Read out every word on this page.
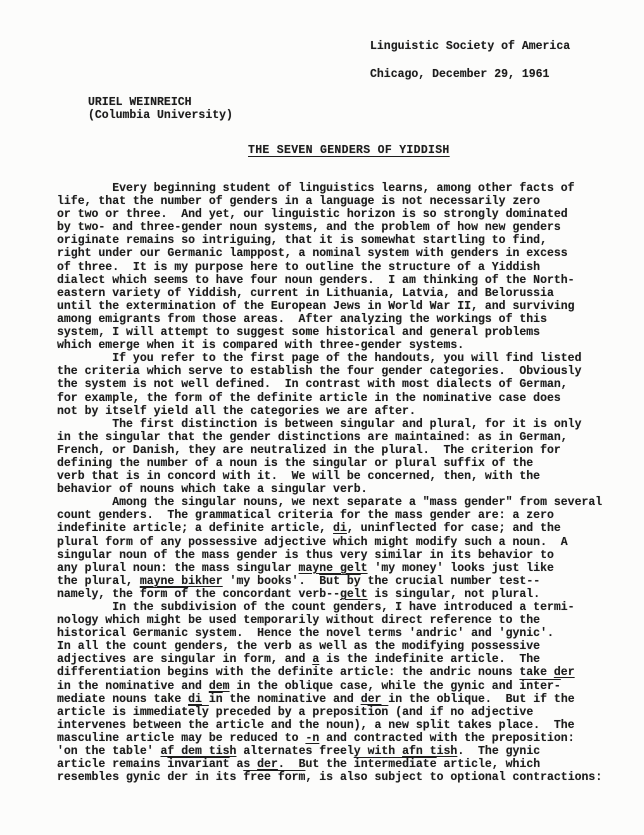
Linguistic Society of America
Chicago, December 29, 1961
URIEL WEINREICH
(Columbia University)
THE SEVEN GENDERS OF YIDDISH
Every beginning student of linguistics learns, among other facts of
life, that the number of genders in a language is not necessarily zero
or two or three.  And yet, our linguistic horizon is so strongly dominated
by two- and three-gender noun systems, and the problem of how new genders
originate remains so intriguing, that it is somewhat startling to find,
right under our Germanic lamppost, a nominal system with genders in excess
of three.  It is my purpose here to outline the structure of a Yiddish
dialect which seems to have four noun genders.  I am thinking of the North-
eastern variety of Yiddish, current in Lithuania, Latvia, and Belorussia
until the extermination of the European Jews in World War II, and surviving
among emigrants from those areas.  After analyzing the workings of this
system, I will attempt to suggest some historical and general problems
which emerge when it is compared with three-gender systems.
If you refer to the first page of the handouts, you will find listed
the criteria which serve to establish the four gender categories.  Obviously
the system is not well defined.  In contrast with most dialects of German,
for example, the form of the definite article in the nominative case does
not by itself yield all the categories we are after.
The first distinction is between singular and plural, for it is only
in the singular that the gender distinctions are maintained: as in German,
French, or Danish, they are neutralized in the plural.  The criterion for
defining the number of a noun is the singular or plural suffix of the
verb that is in concord with it.  We will be concerned, then, with the
behavior of nouns which take a singular verb.
Among the singular nouns, we next separate a "mass gender" from several
count genders.  The grammatical criteria for the mass gender are: a zero
indefinite article; a definite article, di, uninflected for case; and the
plural form of any possessive adjective which might modify such a noun.  A
singular noun of the mass gender is thus very similar in its behavior to
any plural noun: the mass singular mayne gelt 'my money' looks just like
the plural, mayne bikher 'my books'.  But by the crucial number test--
namely, the form of the concordant verb--gelt is singular, not plural.
In the subdivision of the count genders, I have introduced a termi-
nology which might be used temporarily without direct reference to the
historical Germanic system.  Hence the novel terms 'andric' and 'gynic'.
In all the count genders, the verb as well as the modifying possessive
adjectives are singular in form, and a is the indefinite article.  The
differentiation begins with the definite article: the andric nouns take der
in the nominative and dem in the oblique case, while the gynic and inter-
mediate nouns take di $\overline{in}$ the nominative and der in the oblique.  But if the
article is $immediat\overline{ely}$ preceded by a $preposit\overline{ion}$ (and if no adjective
intervenes between the article and the noun), a new split takes place.  The
masculine article may be reduced to -n and contracted with the preposition:
'on the table' af dem tish alternates freely with afn tish.  The gynic
article remains invariant as der.  But the intermediate article, which
resembles gynic der in its free form, is also subject to optional contractions:
